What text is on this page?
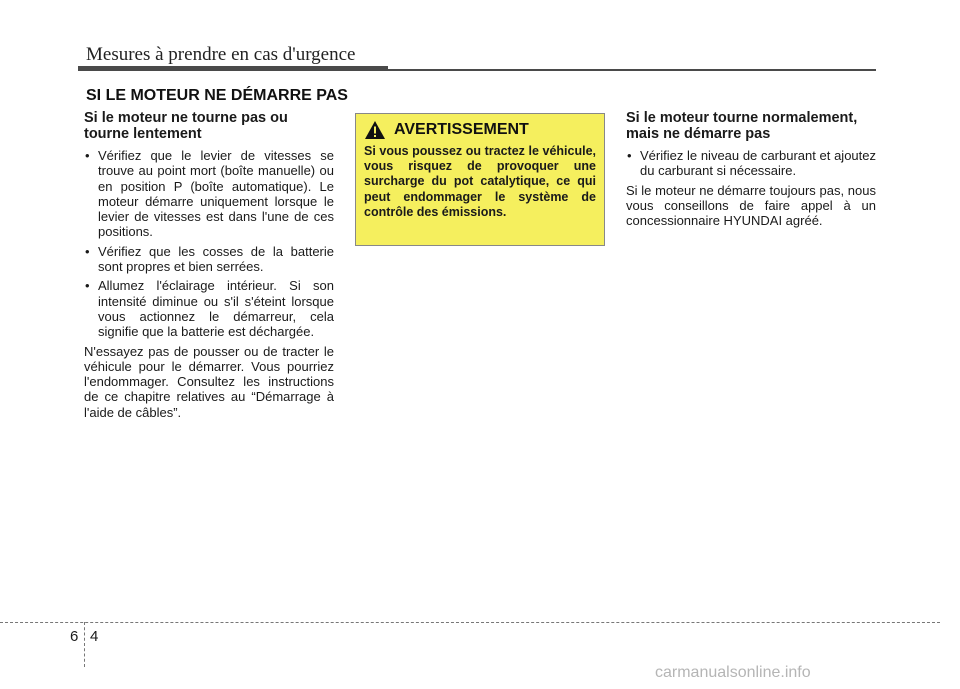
Mesures à prendre en cas d'urgence
SI LE MOTEUR NE DÉMARRE PAS
Si le moteur ne tourne pas ou tourne lentement
• Vérifiez que le levier de vitesses se trouve au point mort (boîte manuelle) ou en position P (boîte automatique). Le moteur démarre uniquement lorsque le levier de vitesses est dans l'une de ces positions.
• Vérifiez que les cosses de la batterie sont propres et bien serrées.
• Allumez l'éclairage intérieur. Si son intensité diminue ou s'il s'éteint lorsque vous actionnez le démarreur, cela signifie que la batterie est déchargée.

N'essayez pas de pousser ou de tracter le véhicule pour le démarrer. Vous pourriez l'endommager. Consultez les instructions de ce chapitre relatives au “Démarrage à l'aide de câbles”.

AVERTISSEMENT
Si vous poussez ou tractez le véhicule, vous risquez de provoquer une surcharge du pot catalytique, ce qui peut endommager le système de contrôle des émissions.
Si le moteur tourne normalement, mais ne démarre pas
• Vérifiez le niveau de carburant et ajoutez du carburant si nécessaire.

Si le moteur ne démarre toujours pas, nous vous conseillons de faire appel à un concessionnaire HYUNDAI agréé.

6 4
carmanualsonline.info
